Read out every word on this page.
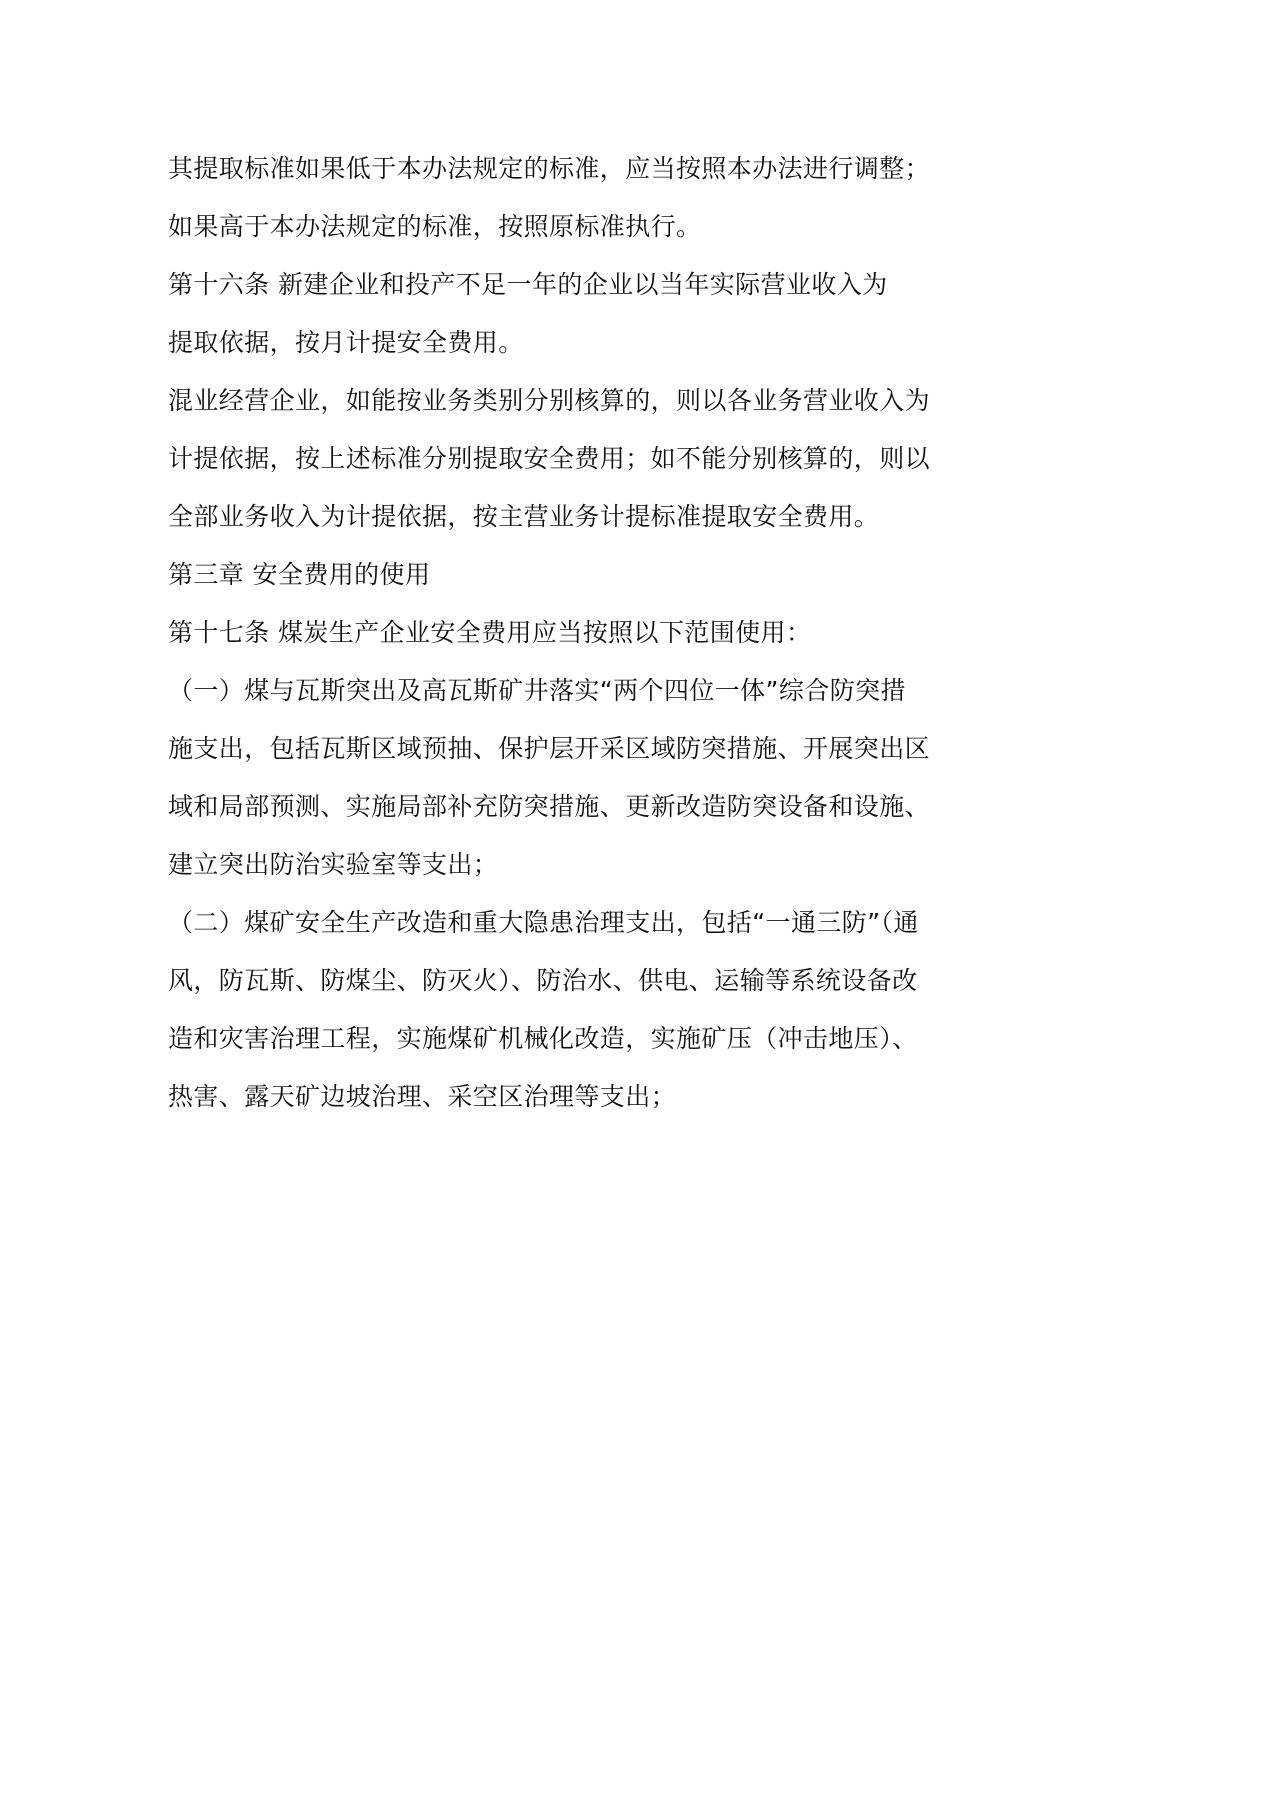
其提取标准如果低于本办法规定的标准，应当按照本办法进行调整；
如果高于本办法规定的标准，按照原标准执行。
第十六条 新建企业和投产不足一年的企业以当年实际营业收入为
提取依据，按月计提安全费用。
混业经营企业，如能按业务类别分别核算的，则以各业务营业收入为
计提依据，按上述标准分别提取安全费用；如不能分别核算的，则以
全部业务收入为计提依据，按主营业务计提标准提取安全费用。
第三章 安全费用的使用
第十七条 煤炭生产企业安全费用应当按照以下范围使用：
（一）煤与瓦斯突出及高瓦斯矿井落实“两个四位一体”综合防突措
施支出，包括瓦斯区域预抽、保护层开采区域防突措施、开展突出区
域和局部预测、实施局部补充防突措施、更新改造防突设备和设施、
建立突出防治实验室等支出；
（二）煤矿安全生产改造和重大隐患治理支出，包括“一通三防”（通
风，防瓦斯、防煤尘、防灭火）、防治水、供电、运输等系统设备改
造和灾害治理工程，实施煤矿机械化改造，实施矿压（冲击地压）、
热害、露天矿边坡治理、采空区治理等支出；
